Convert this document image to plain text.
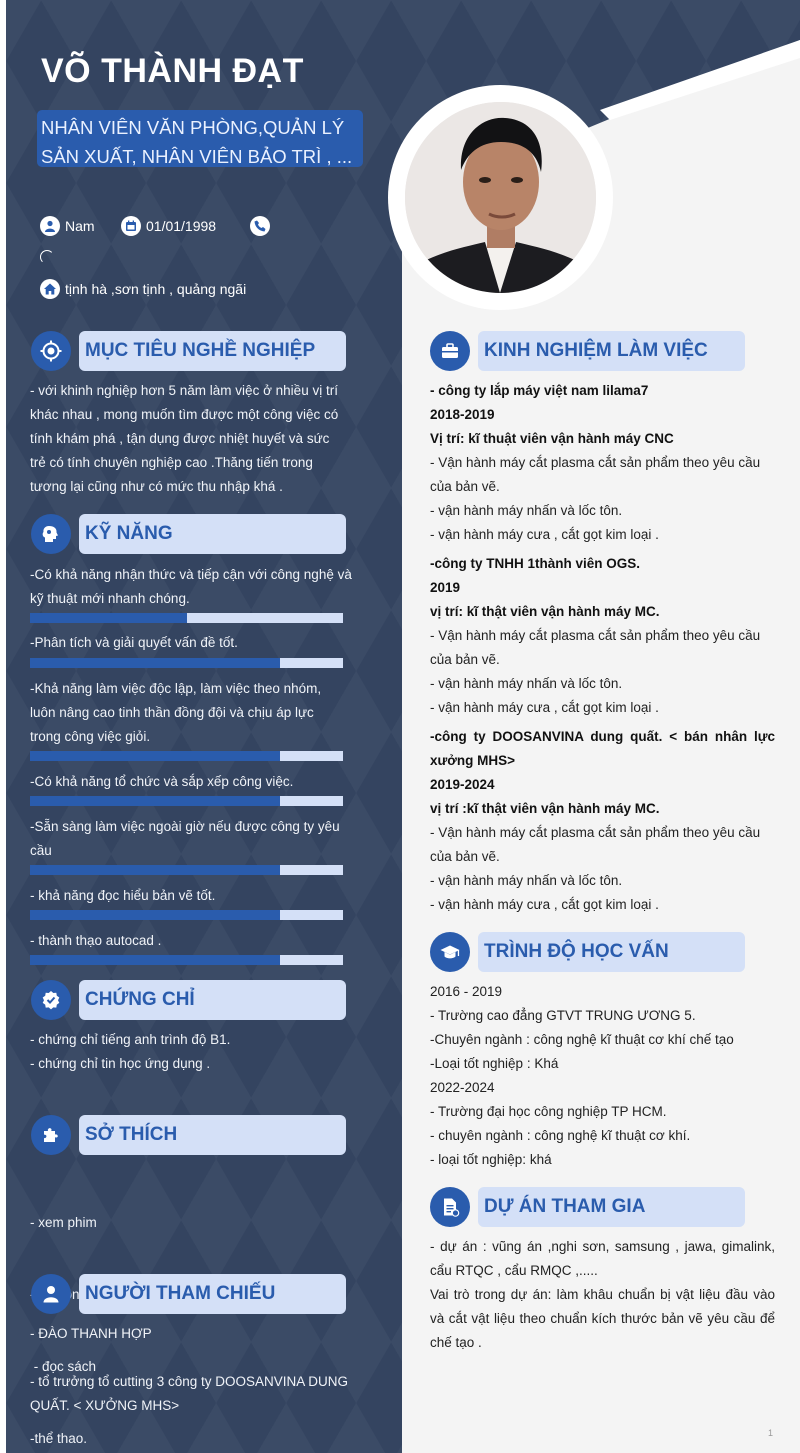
VÕ THÀNH ĐẠT
NHÂN VIÊN VĂN PHÒNG,QUẢN LÝ
SẢN XUẤT, NHÂN VIÊN BẢO TRÌ , ...
Nam	01/01/1998
tịnh hà ,sơn tịnh , quảng ngãi
MỤC TIÊU NGHỀ NGHIỆP
- với khinh nghiệp hơn 5 năm làm việc ở nhiều vị trí
khác nhau , mong muốn tìm được một công việc có
tính khám phá , tận dụng được nhiệt huyết và sức
trẻ có tính chuyên nghiệp cao .Thăng tiến trong
tương lại cũng như có mức thu nhập khá .
KỸ NĂNG
-Có khả năng nhận thức và tiếp cận với công nghệ và
kỹ thuật mới nhanh chóng.
-Phân tích và giải quyết vấn đề tốt.
-Khả năng làm việc độc lập, làm việc theo nhóm,
luôn nâng cao tinh thần đồng đội và chịu áp lực
trong công việc giỏi.
-Có khả năng tổ chức và sắp xếp công việc.
-Sẵn sàng làm việc ngoài giờ nếu được công ty yêu
cầu
- khả năng đọc hiểu bản vẽ tốt.
- thành thạo autocad .
CHỨNG CHỈ
- chứng chỉ tiếng anh trình độ B1.
- chứng chỉ tin học ứng dụng .
SỞ THÍCH

- xem phim

bóng

- đọc sách

-thể thao.

NGƯỜI THAM CHIẾU
- ĐÀO THANH HỢP
- tổ trưởng tổ cutting 3 công ty DOOSANVINA DUNG
QUẤT. < XƯỞNG MHS>
KINH NGHIỆM LÀM VIỆC
- công ty lắp máy việt nam lilama7
2018-2019
Vị trí: kĩ thuật viên vận hành máy CNC
- Vận hành máy cắt plasma cắt sản phẩm theo yêu cầu
của bản vẽ.
- vận hành máy nhấn và lốc tôn.
- vận hành máy cưa , cắt gọt kim loại .
-công ty TNHH 1thành viên OGS.
2019
vị trí: kĩ thật viên vận hành máy MC.
- Vận hành máy cắt plasma cắt sản phẩm theo yêu cầu
của bản vẽ.
- vận hành máy nhấn và lốc tôn.
- vận hành máy cưa , cắt gọt kim loại .
-công ty DOOSANVINA dung quất. < bán nhân lực
xưởng MHS>
2019-2024
vị trí :kĩ thật viên vận hành máy MC.
- Vận hành máy cắt plasma cắt sản phẩm theo yêu cầu
của bản vẽ.
- vận hành máy nhấn và lốc tôn.
- vận hành máy cưa , cắt gọt kim loại .
TRÌNH ĐỘ HỌC VẤN
2016 - 2019
- Trường cao đẳng GTVT TRUNG ƯƠNG 5.
-Chuyên ngành : công nghệ kĩ thuật cơ khí chế tạo
-Loại tốt nghiệp : Khá
2022-2024
- Trường đại học công nghiệp TP HCM.
- chuyên ngành : công nghệ kĩ thuật cơ khí.
- loại tốt nghiệp: khá
DỰ ÁN THAM GIA
- dự án : vũng án ,nghi sơn, samsung , jawa, gimalink,
cẩu RTQC , cẩu RMQC ,.....
Vai trò trong dự án: làm khâu chuẩn bị vật liệu đầu vào
và cắt vật liệu theo chuẩn kích thước bản vẽ yêu cầu để
chế tạo .
1
